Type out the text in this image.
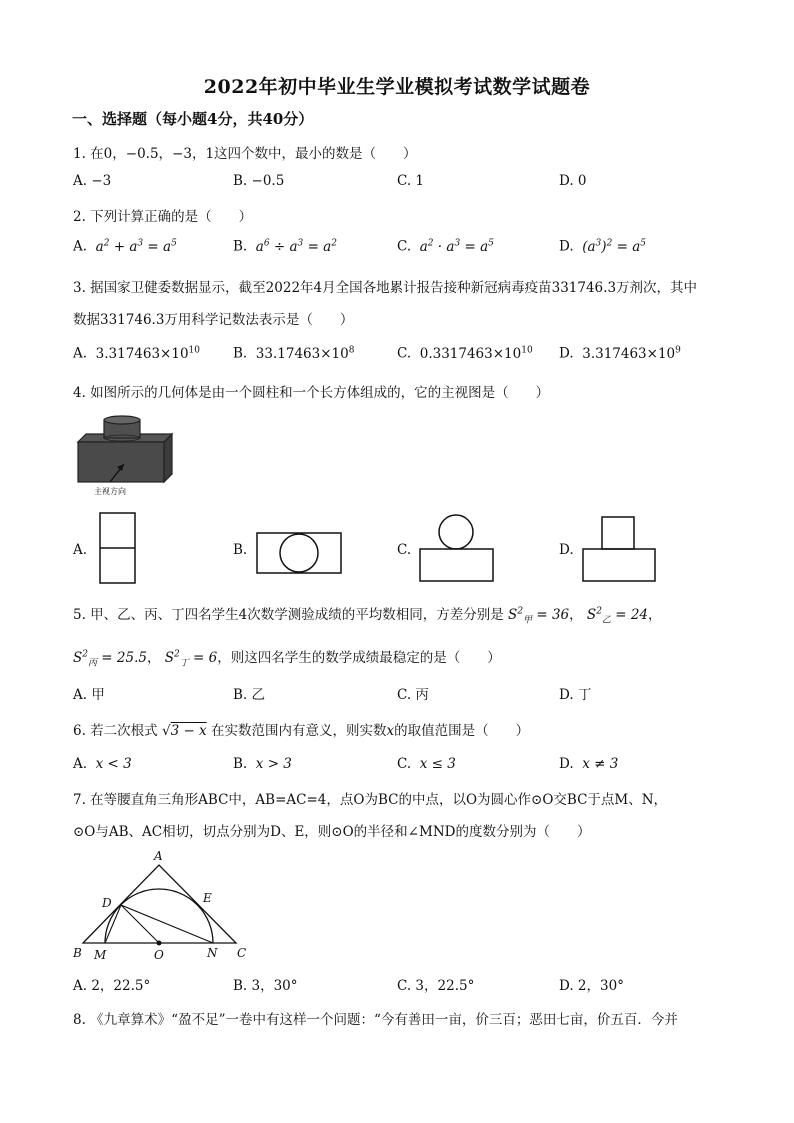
2022年初中毕业生学业模拟考试数学试题卷
一、选择题（每小题4分，共40分）
1. 在0，−0.5，−3，1这四个数中，最小的数是（　　）
A. −3	B. −0.5	C. 1	D. 0
2. 下列计算正确的是（　　）
A.  $a^2 + a^3 = a^5$	B.  $a^6 \div a^3 = a^2$	C.  $a^2 \cdot a^3 = a^5$	D.  $(a^3)^2 = a^5$
3. 据国家卫健委数据显示，截至2022年4月全国各地累计报告接种新冠病毒疫苗331746.3万剂次，其中
数据331746.3万用科学记数法表示是（　　）
A.  $3.317463\times 10^{10}$ B.  $33.17463\times 10^8$	C.  $0.3317463\times 10^{10}$ D.  $3.317463\times 10^9$
4. 如图所示的几何体是由一个圆柱和一个长方体组成的，它的主视图是（　　）
主视方向
A.	B.	C.	D.
5. 甲、乙、丙、丁四名学生4次数学测验成绩的平均数相同，方差分别是 $S^2_甲 = 36$， $S^2_乙 = 24$，
$S^2_丙 = 25.5$， $S^2_丁 = 6$，则这四名学生的数学成绩最稳定的是（　　）
A. 甲	B. 乙	C. 丙	D. 丁
6. 若二次根式 √3 − x 在实数范围内有意义，则实数x的取值范围是（　　）
A.  x < 3	B.  x > 3	C.  x ≤ 3	D.  x ≠ 3
7. 在等腰直角三角形ABC中，AB=AC=4，点O为BC的中点，以O为圆心作⊙O交BC于点M、N，
⊙O与AB、AC相切，切点分别为D、E，则⊙O的半径和∠MND的度数分别为（　　）
A
B	C
D	E
M	N
O
A. 2，22.5°	B. 3，30°	C. 3，22.5°	D. 2，30°
8. 《九章算术》“盈不足”一卷中有这样一个问题：“今有善田一亩，价三百；恶田七亩，价五百．今并
